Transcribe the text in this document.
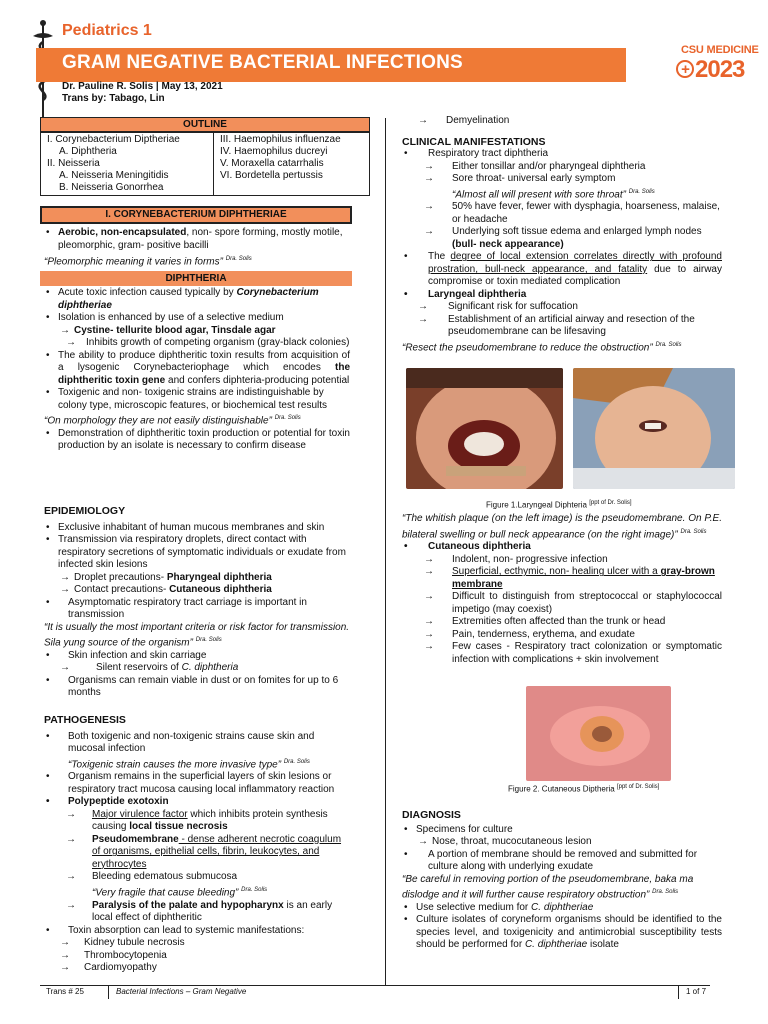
Pediatrics 1
GRAM NEGATIVE BACTERIAL INFECTIONS
CSU MEDICINE
+ 2023
Dr. Pauline R. Solis | May 13, 2021
Trans by: Tabago, Lin
OUTLINE
I. Corynebacterium Diptheriae
A. Diphtheria
II. Neisseria
A. Neisseria Meningitidis
B. Neisseria Gonorrhea

III. Haemophilus influenzae
IV. Haemophilus ducreyi
V. Moraxella catarrhalis
VI. Bordetella pertussis
I. CORYNEBACTERIUM DIPHTHERIAE

• Aerobic, non-encapsulated, non- spore forming, mostly motile, pleomorphic, gram- positive bacilli

“Pleomorphic meaning it varies in forms” $^{Dra. Solis}$

DIPHTHERIA

• Acute toxic infection caused typically by Corynebacterium diphtheriae

• Isolation is enhanced by use of a selective medium

→ Cystine- tellurite blood agar, Tinsdale agar

→ Inhibits growth of competing organism (gray-black colonies)

• The ability to produce diphtheritic toxin results from acquisition of a lysogenic Corynebacteriophage which encodes the diphtheritic toxin gene and confers diphteria-producing potential

• Toxigenic and non- toxigenic strains are indistinguishable by colony type, microscopic features, or biochemical test results

“On morphology they are not easily distinguishable” $^{Dra. Solis}$

• Demonstration of diphtheritic toxin production or potential for toxin production by an isolate is necessary to confirm disease

EPIDEMIOLOGY

• Exclusive inhabitant of human mucous membranes and skin

• Transmission via respiratory droplets, direct contact with respiratory secretions of symptomatic individuals or exudate from infected skin lesions

→ Droplet precautions- Pharyngeal diphtheria

→ Contact precautions- Cutaneous diphtheria

• Asymptomatic respiratory tract carriage is important in transmission

“It is usually the most important criteria or risk factor for transmission. Sila yung source of the organism” $^{Dra. Solis}$

• Skin infection and skin carriage

→ Silent reservoirs of C. diphtheria

• Organisms can remain viable in dust or on fomites for up to 6 months

PATHOGENESIS

• Both toxigenic and non-toxigenic strains cause skin and mucosal infection

“Toxigenic strain causes the more invasive type” $^{Dra. Solis}$

• Organism remains in the superficial layers of skin lesions or respiratory tract mucosa causing local inflammatory reaction

• Polypeptide exotoxin

→ Major virulence factor which inhibits protein synthesis causing local tissue necrosis

→ Pseudomembrane - dense adherent necrotic coagulum of organisms, epithelial cells, fibrin, leukocytes, and erythrocytes

→ Bleeding edematous submucosa

“Very fragile that cause bleeding” $^{Dra. Solis}$

→ Paralysis of the palate and hypopharynx is an early local effect of diphtheritic

• Toxin absorption can lead to systemic manifestations:

→ Kidney tubule necrosis

→ Thrombocytopenia

→ Cardiomyopathy

→ Demyelination

CLINICAL MANIFESTATIONS

• Respiratory tract diphtheria

→ Either tonsillar and/or pharyngeal diphtheria

→ Sore throat- universal early symptom

“Almost all will present with sore throat” $^{Dra. Solis}$

→ 50% have fever, fewer with dysphagia, hoarseness, malaise, or headache

→ Underlying soft tissue edema and enlarged lymph nodes

(bull- neck appearance)

• The degree of local extension correlates directly with profound prostration, bull-neck appearance, and fatality due to airway compromise or toxin mediated complication

• Laryngeal diphtheria

→ Significant risk for suffocation

→ Establishment of an artificial airway and resection of the pseudomembrane can be lifesaving

“Resect the pseudomembrane to reduce the obstruction” $^{Dra. Solis}$

Figure 1.Laryngeal Diphteria [ppt of Dr. Solis]

“The whitish plaque (on the left image) is the pseudomembrane. On P.E. bilateral swelling or bull neck appearance (on the right image)” $^{Dra. Solis}$

• Cutaneous diphtheria

→ Indolent, non- progressive infection

→ Superficial, ecthymic, non- healing ulcer with a gray-brown membrane

→ Difficult to distinguish from streptococcal or staphylococcal impetigo (may coexist)

→ Extremities often affected than the trunk or head

→ Pain, tenderness, erythema, and exudate

→ Few cases - Respiratory tract colonization or symptomatic infection with complications + skin involvement

Figure 2. Cutaneous Diptheria [ppt of Dr. Solis]

DIAGNOSIS

• Specimens for culture

→ Nose, throat, mucocutaneous lesion

• A portion of membrane should be removed and submitted for culture along with underlying exudate

“Be careful in removing portion of the pseudomembrane, baka ma dislodge and it will further cause respiratory obstruction” $^{Dra. Solis}$

• Use selective medium for C. diphtheriae

• Culture isolates of coryneform organisms should be identified to the species level, and toxigenicity and antimicrobial susceptibility tests should be performed for C. diphtheriae isolate

Trans # 25	Bacterial Infections – Gram Negative	1 of 7
